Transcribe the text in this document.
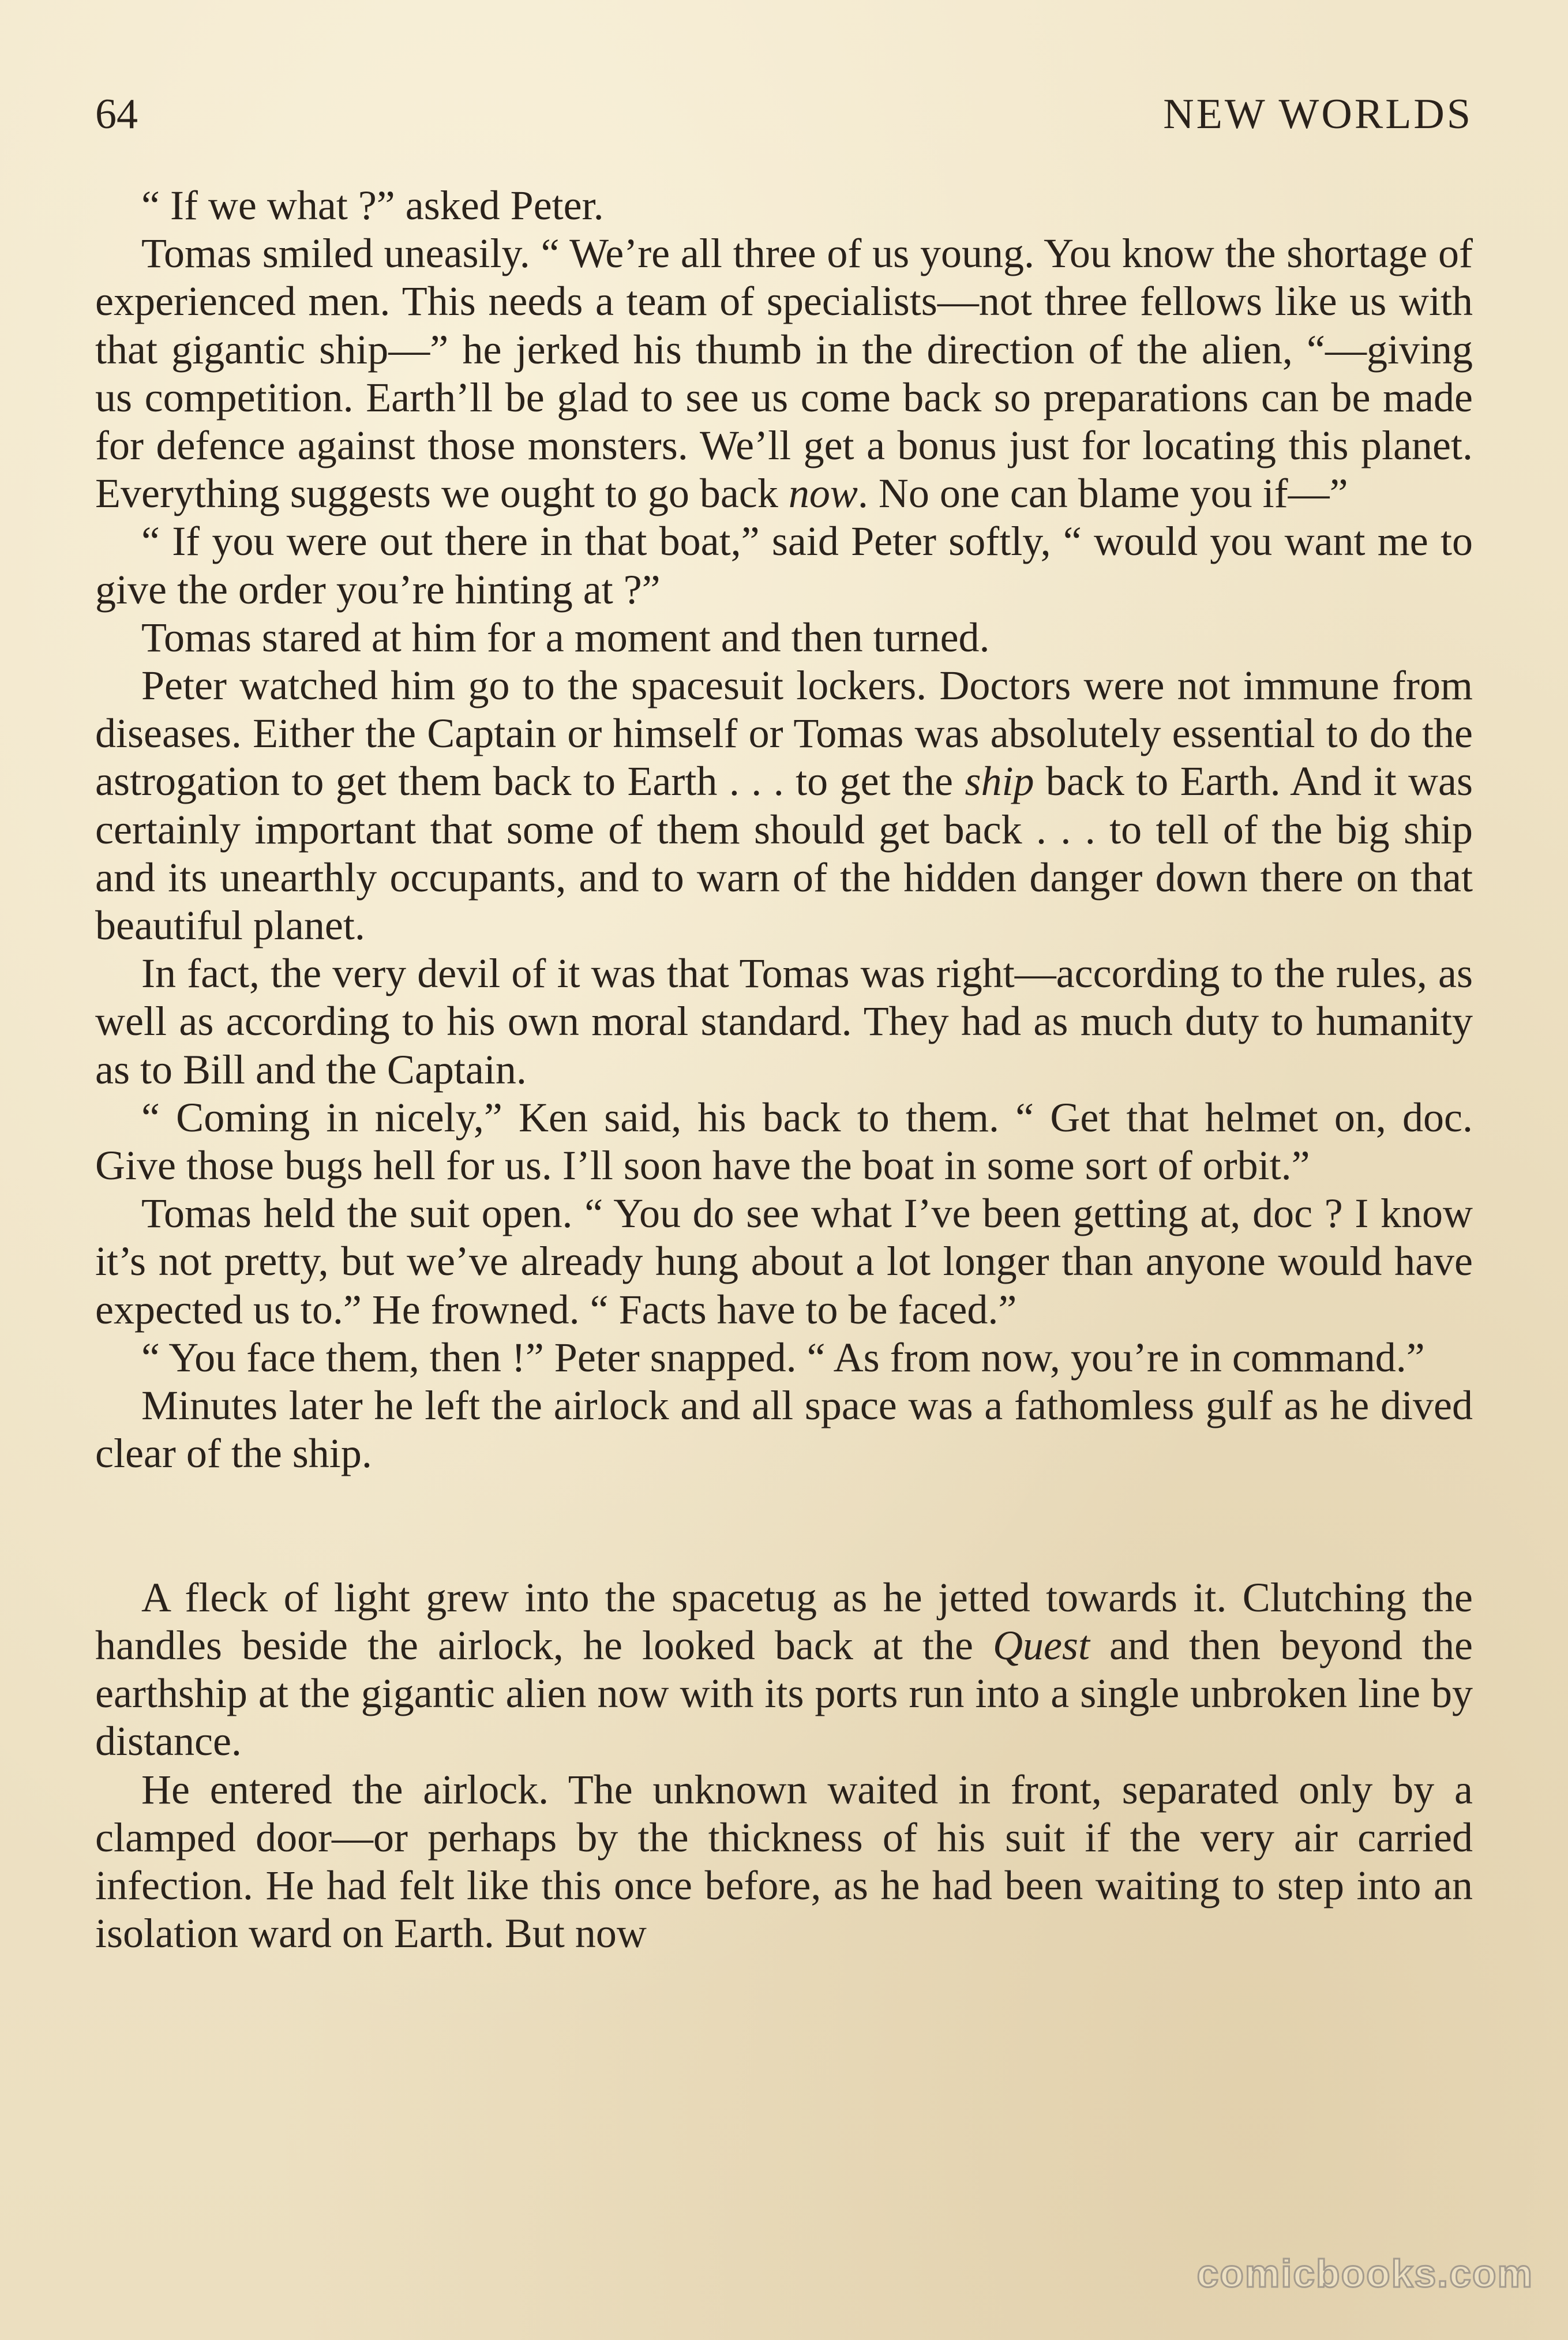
64	NEW WORLDS

“ If we what ?” asked Peter.

Tomas smiled uneasily. “ We’re all three of us young. You know the shortage of experienced men. This needs a team of specialists—not three fellows like us with that gigantic ship—” he jerked his thumb in the direction of the alien, “—giving us competition. Earth’ll be glad to see us come back so preparations can be made for defence against those monsters. We’ll get a bonus just for locating this planet. Everything suggests we ought to go back now. No one can blame you if—”

“ If you were out there in that boat,” said Peter softly, “ would you want me to give the order you’re hinting at ?”

Tomas stared at him for a moment and then turned.

Peter watched him go to the spacesuit lockers. Doctors were not immune from diseases. Either the Captain or himself or Tomas was absolutely essential to do the astrogation to get them back to Earth . . . to get the ship back to Earth. And it was certainly important that some of them should get back . . . to tell of the big ship and its unearthly occupants, and to warn of the hidden danger down there on that beautiful planet.

In fact, the very devil of it was that Tomas was right—according to the rules, as well as according to his own moral standard. They had as much duty to humanity as to Bill and the Captain.

“ Coming in nicely,” Ken said, his back to them. “ Get that helmet on, doc. Give those bugs hell for us. I’ll soon have the boat in some sort of orbit.”

Tomas held the suit open. “ You do see what I’ve been getting at, doc ? I know it’s not pretty, but we’ve already hung about a lot longer than anyone would have expected us to.” He frowned. “ Facts have to be faced.”

“ You face them, then !” Peter snapped. “ As from now, you’re in command.”

Minutes later he left the airlock and all space was a fathomless gulf as he dived clear of the ship.

A fleck of light grew into the spacetug as he jetted towards it. Clutching the handles beside the airlock, he looked back at the Quest and then beyond the earthship at the gigantic alien now with its ports run into a single unbroken line by distance.

He entered the airlock. The unknown waited in front, separated only by a clamped door—or perhaps by the thickness of his suit if the very air carried infection. He had felt like this once before, as he had been waiting to step into an isolation ward on Earth. But now

comicbooks.com
